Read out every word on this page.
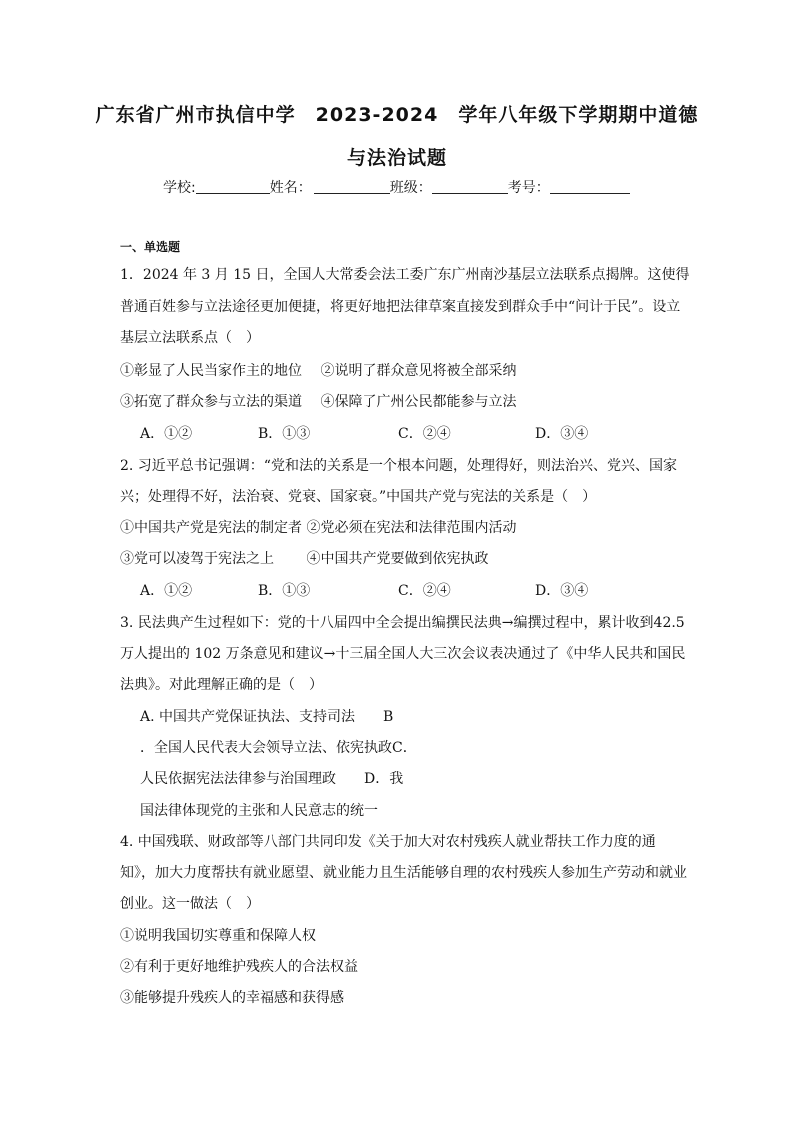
广东省广州市执信中学　2023-2024　学年八年级下学期期中道德
与法治试题
学校:	姓名：	班级：	考号：
一、单选题
1．2024 年 3 月 15 日，全国人大常委会法工委广东广州南沙基层立法联系点揭牌。这使得
普通百姓参与立法途径更加便捷，将更好地把法律草案直接发到群众手中“问计于民”。设立
基层立法联系点（　）
①彰显了人民当家作主的地位　 ②说明了群众意见将被全部采纳
③拓宽了群众参与立法的渠道　 ④保障了广州公民都能参与立法
A．①②	B．①③	C．②④	D．③④
2. 习近平总书记强调：“党和法的关系是一个根本问题，处理得好，则法治兴、党兴、国家
兴；处理得不好，法治衰、党衰、国家衰。”中国共产党与宪法的关系是（　）
①中国共产党是宪法的制定者 ②党必须在宪法和法律范围内活动
③党可以凌驾于宪法之上　　 ④中国共产党要做到依宪执政
A．①②	B．①③	C．②④	D．③④
3. 民法典产生过程如下：党的十八届四中全会提出编撰民法典→编撰过程中，累计收到42.5
万人提出的 102 万条意见和建议→十三届全国人大三次会议表决通过了《中华人民共和国民
法典》。对此理解正确的是（　）
A. 中国共产党保证执法、支持司法　　B
．全国人民代表大会领导立法、依宪执政C．
人民依据宪法法律参与治国理政　　D．我
国法律体现党的主张和人民意志的统一
4. 中国残联、财政部等八部门共同印发《关于加大对农村残疾人就业帮扶工作力度的通
知》，加大力度帮扶有就业愿望、就业能力且生活能够自理的农村残疾人参加生产劳动和就业
创业。这一做法（　）
①说明我国切实尊重和保障人权
②有利于更好地维护残疾人的合法权益
③能够提升残疾人的幸福感和获得感
